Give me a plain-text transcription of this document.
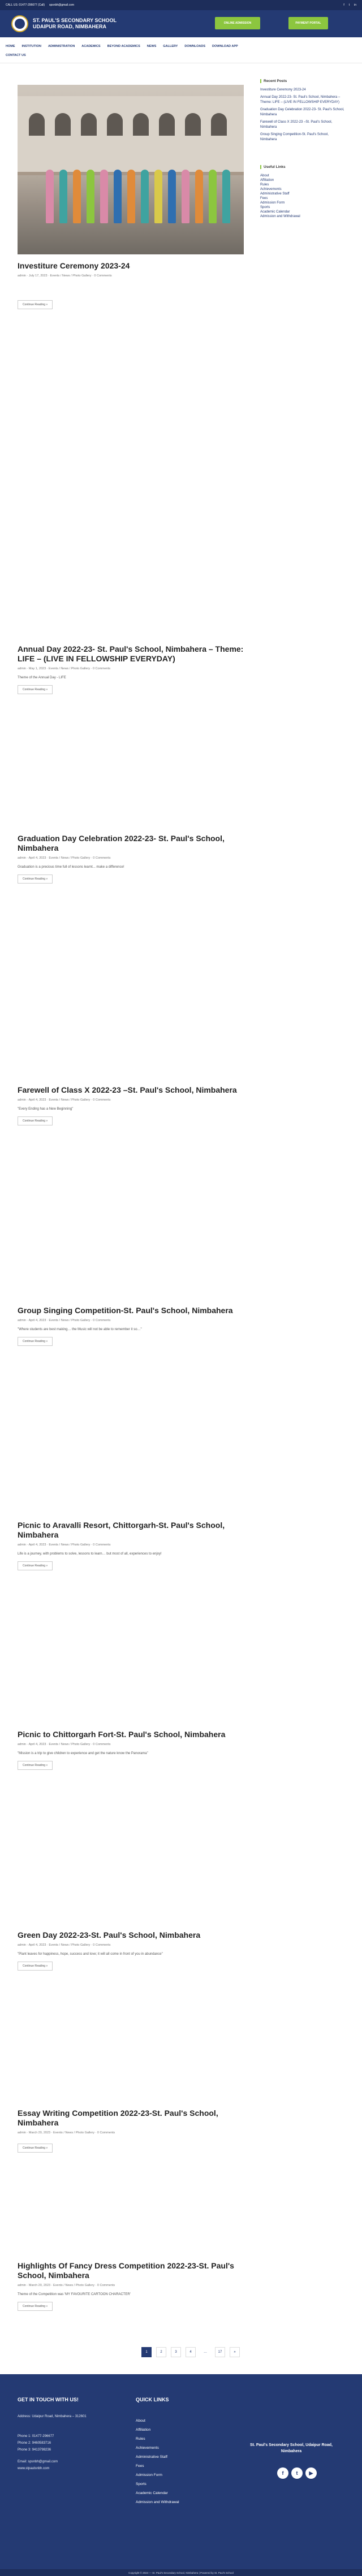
CALL US: 01477-296677 (Call) spsnbh@gmail.com	f t in
ST. PAUL'S SECONDARY SCHOOL
UDAIPUR ROAD, NIMBAHERA
ONLINE ADMISSION	PAYMENT PORTAL
HOME INSTITUTION ADMINISTRATION ACADEMICS BEYOND ACADEMICS NEWS GALLERY DOWNLOADS DOWNLOAD APP
CONTACT US
Investiture Ceremony 2023-24
admin · July 17, 2023 · Events / News / Photo Gallery · 0 Comments
Continue Reading »
Annual Day 2022-23- St. Paul's School, Nimbahera – Theme: LIFE – (LIVE IN FELLOWSHIP EVERYDAY)
admin · May 1, 2023 · Events / News / Photo Gallery · 0 Comments
Theme of the Annual Day - LIFE
Continue Reading »
Graduation Day Celebration 2022-23- St. Paul's School, Nimbahera
admin · April 4, 2023 · Events / News / Photo Gallery · 0 Comments
Graduation is a precious time full of lessons learnt... make a difference!
Continue Reading »
Farewell of Class X 2022-23 –St. Paul's School, Nimbahera
admin · April 4, 2023 · Events / News / Photo Gallery · 0 Comments
"Every Ending has a New Beginning"
Continue Reading »
Group Singing Competition-St. Paul's School, Nimbahera
admin · April 4, 2023 · Events / News / Photo Gallery · 0 Comments
"Where students are best making… the Music will not be able to remember it so…"
Continue Reading »
Picnic to Aravalli Resort, Chittorgarh-St. Paul's School, Nimbahera
admin · April 4, 2023 · Events / News / Photo Gallery · 0 Comments
Life is a journey, with problems to solve, lessons to learn… but most of all, experiences to enjoy!
Continue Reading »
Picnic to Chittorgarh Fort-St. Paul's School, Nimbahera
admin · April 4, 2023 · Events / News / Photo Gallery · 0 Comments
"Mission is a trip to give children to experience and get the nature know the Panorama"
Continue Reading »
Green Day 2022-23-St. Paul's School, Nimbahera
admin · April 4, 2023 · Events / News / Photo Gallery · 0 Comments
"Plant leaves for happiness, hope, success and love; it will all come in front of you in abundance"
Continue Reading »
Essay Writing Competition 2022-23-St. Paul's School, Nimbahera
admin · March 20, 2023 · Events / News / Photo Gallery · 0 Comments
Continue Reading »
Highlights Of Fancy Dress Competition 2022-23-St. Paul's School, Nimbahera
admin · March 20, 2023 · Events / News / Photo Gallery · 0 Comments
Theme of the Competition was 'MY FAVOURITE CARTOON CHARACTER'
Continue Reading »
Recent Posts
Investiture Ceremony 2023-24
Annual Day 2022-23- St. Paul's School, Nimbahera – Theme: LIFE – (LIVE IN FELLOWSHIP EVERYDAY)
Graduation Day Celebration 2022-23- St. Paul's School, Nimbahera
Farewell of Class X 2022-23 –St. Paul's School, Nimbahera
Group Singing Competition-St. Paul's School, Nimbahera
Useful Links
About
Affiliation
Rules
Achievements
Administrative Staff
Fees
Admission Form
Sports
Academic Calendar
Admission and Withdrawal
1	2	3	4	…	17	»
GET IN TOUCH WITH US!
Address: Udaipur Road, Nimbahera – 312601
Phone 1: 01477-296677
Phone 2: 9460583716
Phone 3: 9413798236
Email: spsnbh@gmail.com
www.stpaulsnbh.com
QUICK LINKS
About
Affiliation
Rules
Achievements
Administrative Staff
Fees
Admission Form
Sports
Academic Calendar
Admission and Withdrawal
St. Paul's Secondary School, Udaipur Road, Nimbahera
f	t	▶
Copyright © 2024 — St. Paul's Secondary School, Nimbahera | Powered by St. Paul's School
